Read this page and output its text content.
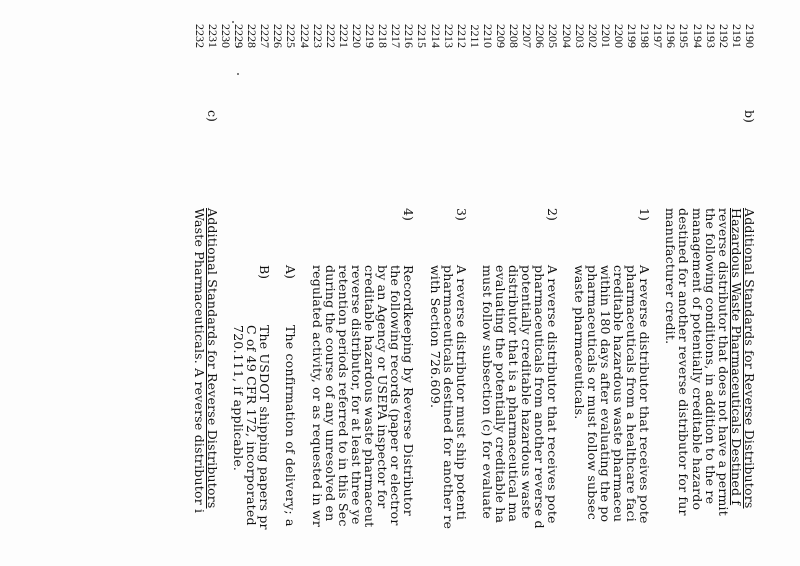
2190
b)
Additional Standards for Reverse Distributors
2191
Hazardous Waste Pharmaceuticals Destined f
2192
reverse distributor that does not have a permit
2193
the following conditions, in addition to the re
2194
management of potentially creditable hazardo
2195
destined for another reverse distributor for fur
2196
manufacturer credit.
2197
2198
1)
A reverse distributor that receives pote
2199
pharmaceuticals from a healthcare faci
2200
creditable hazardous waste pharmaceu
2201
within 180 days after evaluating the po
2202
pharmaceuticals or must follow subsec
2203
waste pharmaceuticals.
2204
2205
2)
A reverse distributor that receives pote
2206
pharmaceuticals from another reverse d
2207
potentially creditable hazardous waste
2208
distributor that is a pharmaceutical ma
2209
evaluating the potentially creditable ha
2210
must follow subsection (c) for evaluate
2211
2212
3)
A reverse distributor must ship potenti
2213
pharmaceuticals destined for another re
2214
with Section 726.609.
2215
2216
4)
Recordkeeping by Reverse Distributor
2217
the following records (paper or electror
2218
by an Agency or USEPA inspector for
2219
creditable hazardous waste pharmaceut
2220
reverse distributor, for at least three ye
2221
retention periods referred to in this Sec
2222
during the course of any unresolved en
2223
regulated activity, or as requested in wr
2224
2225
A)
The confirmation of delivery; a
2226
2227
B)
The USDOT shipping papers pr
2228
C of 49 CFR 172, incorporated
2229
720.111, if applicable.
2230
2231
c)
Additional Standards for Reverse Distributors
2232
Waste Pharmaceuticals. A reverse distributor i
